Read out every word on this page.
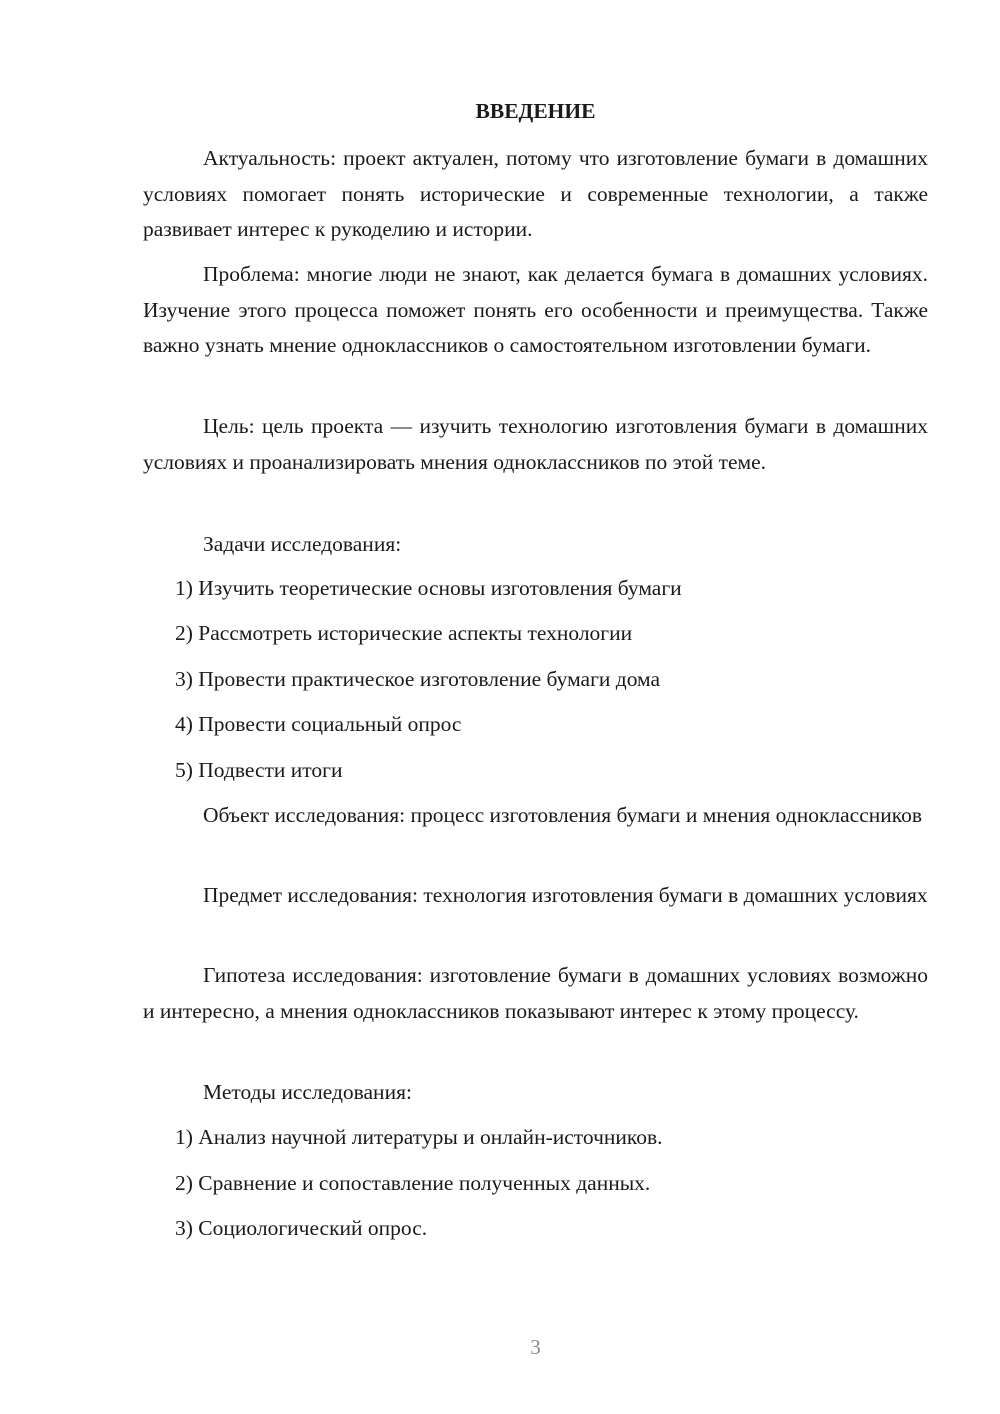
ВВЕДЕНИЕ
Актуальность: проект актуален, потому что изготовление бумаги в домашних условиях помогает понять исторические и современные технологии, а также развивает интерес к рукоделию и истории.
Проблема: многие люди не знают, как делается бумага в домашних условиях. Изучение этого процесса поможет понять его особенности и преимущества. Также важно узнать мнение одноклассников о самостоятельном изготовлении бумаги.
Цель: цель проекта — изучить технологию изготовления бумаги в домашних условиях и проанализировать мнения одноклассников по этой теме.
Задачи исследования:
1) Изучить теоретические основы изготовления бумаги
2) Рассмотреть исторические аспекты технологии
3) Провести практическое изготовление бумаги дома
4) Провести социальный опрос
5) Подвести итоги
Объект исследования: процесс изготовления бумаги и мнения одноклассников
Предмет исследования: технология изготовления бумаги в домашних условиях
Гипотеза исследования: изготовление бумаги в домашних условиях возможно и интересно, а мнения одноклассников показывают интерес к этому процессу.
Методы исследования:
1) Анализ научной литературы и онлайн-источников.
2) Сравнение и сопоставление полученных данных.
3) Социологический опрос.
3
